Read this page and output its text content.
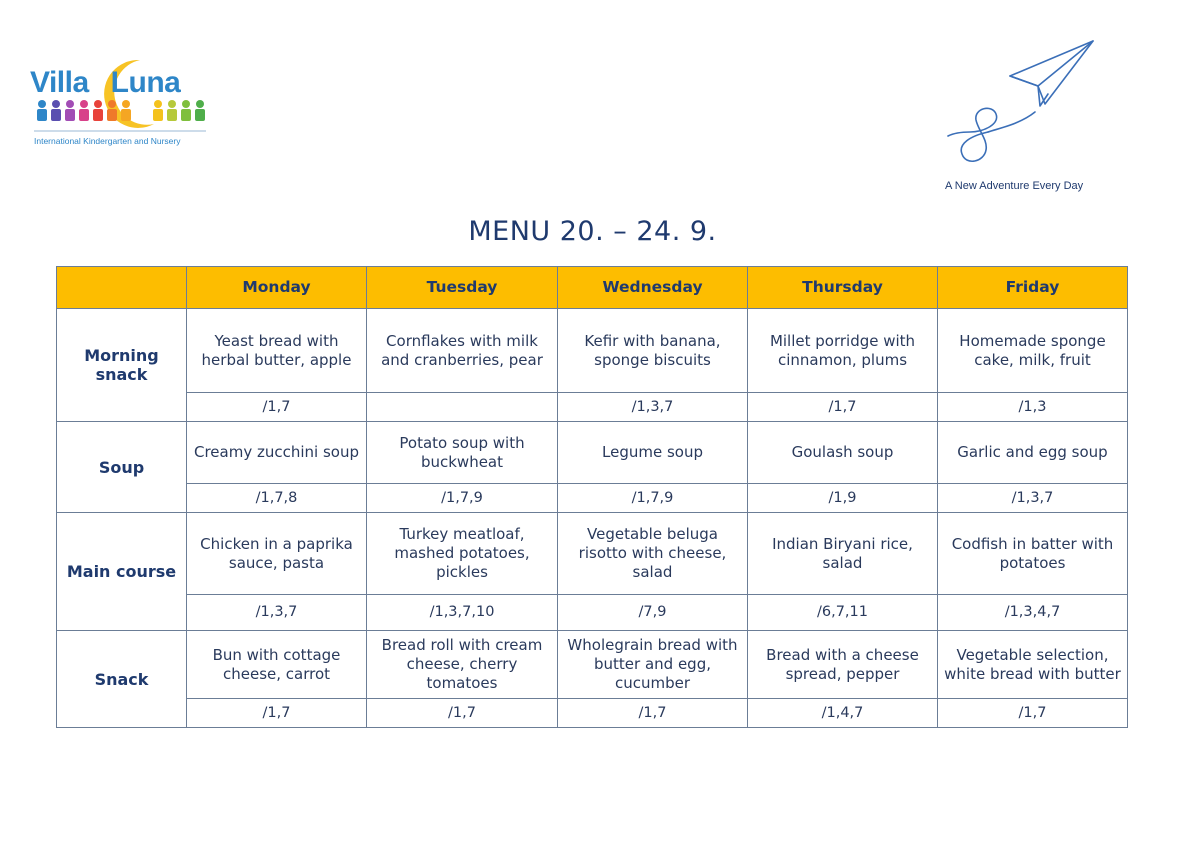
Villa Luna
International Kindergarten and Nursery
A New Adventure Every Day
MENU 20. – 24. 9.
	Monday	Tuesday	Wednesday	Thursday	Friday
Morning snack	Yeast bread with herbal butter, apple	Cornflakes with milk and cranberries, pear	Kefir with banana, sponge biscuits	Millet porridge with cinnamon, plums	Homemade sponge cake, milk, fruit
	/1,7		/1,3,7	/1,7	/1,3
Soup	Creamy zucchini soup	Potato soup with buckwheat	Legume soup	Goulash soup	Garlic and egg soup
	/1,7,8	/1,7,9	/1,7,9	/1,9	/1,3,7
Main course	Chicken in a paprika sauce, pasta	Turkey meatloaf, mashed potatoes, pickles	Vegetable beluga risotto with cheese, salad	Indian Biryani rice, salad	Codfish in batter with potatoes
	/1,3,7	/1,3,7,10	/7,9	/6,7,11	/1,3,4,7
Snack	Bun with cottage cheese, carrot	Bread roll with cream cheese, cherry tomatoes	Wholegrain bread with butter and egg, cucumber	Bread with a cheese spread, pepper	Vegetable selection, white bread with butter
	/1,7	/1,7	/1,7	/1,4,7	/1,7
